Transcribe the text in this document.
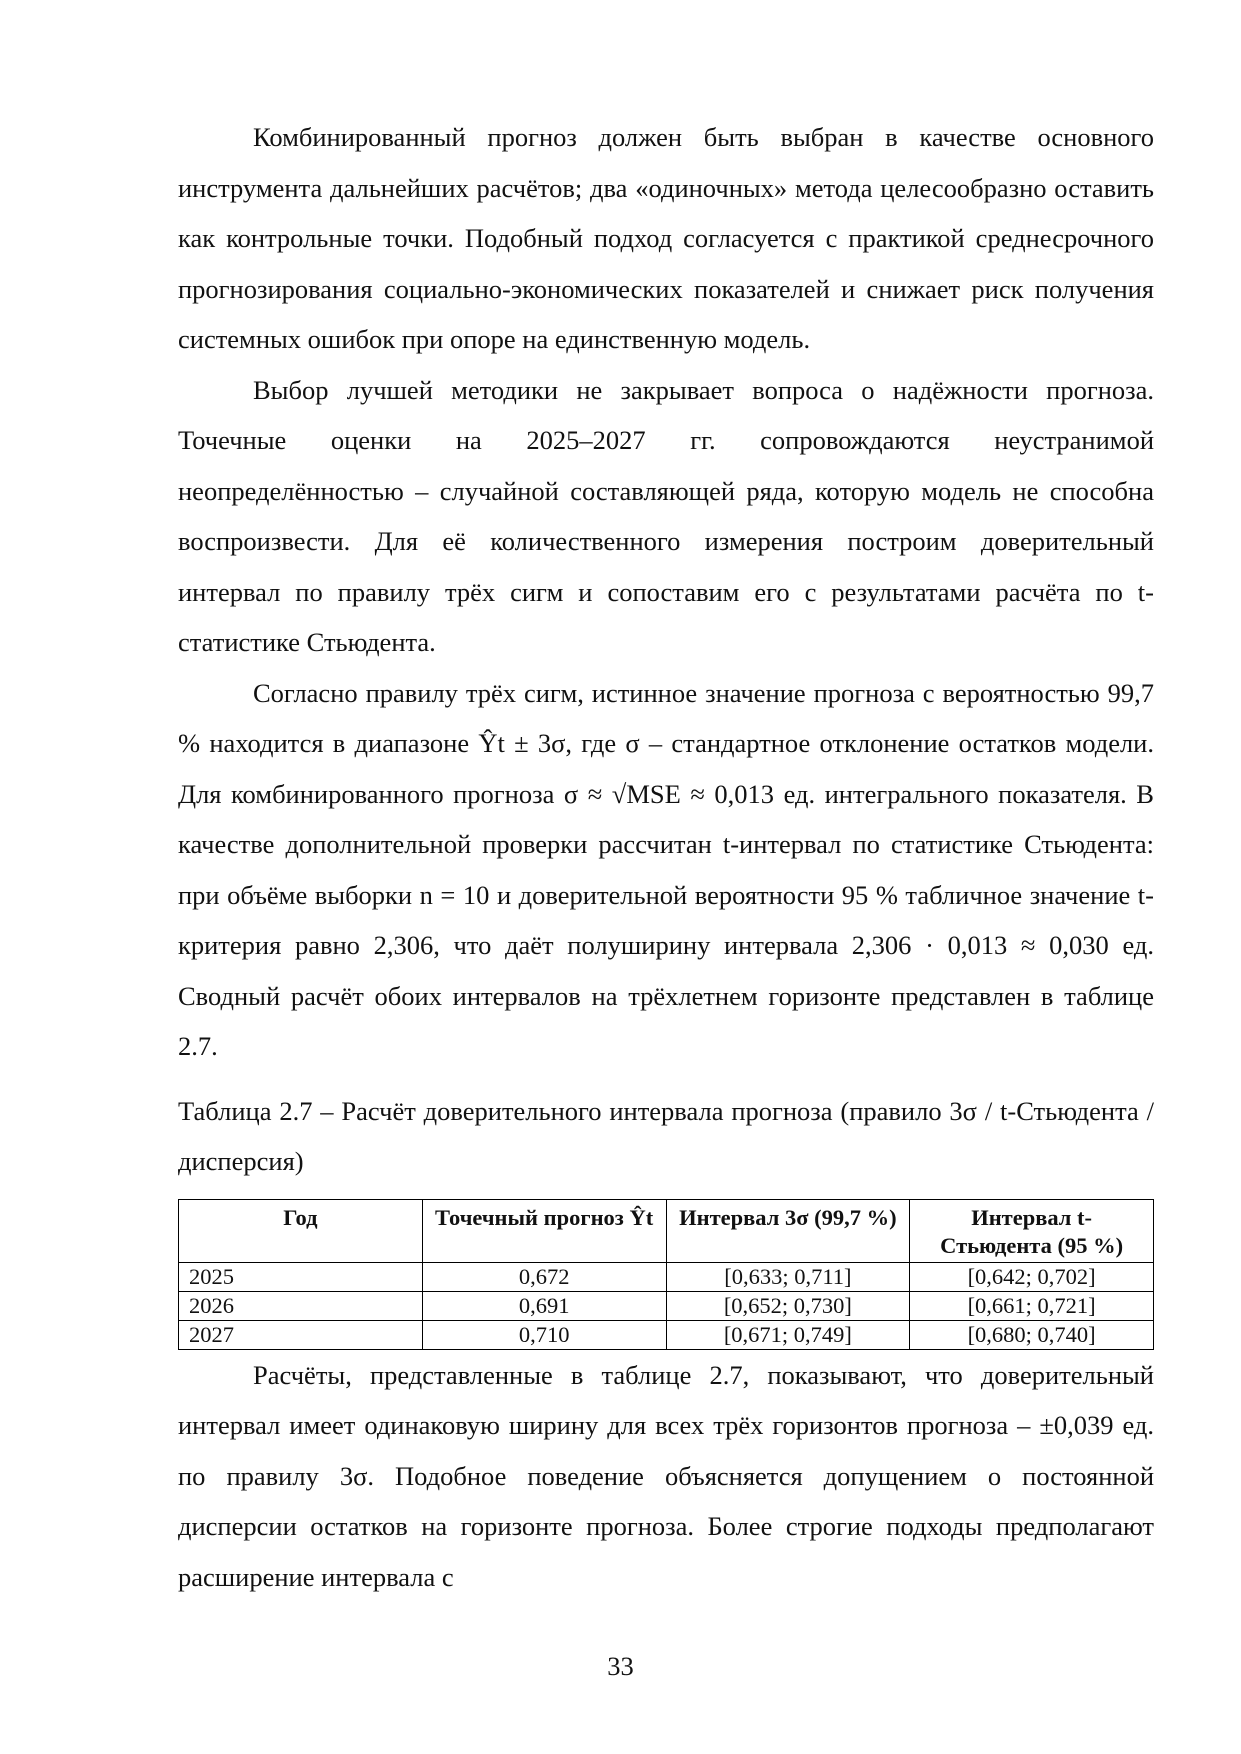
Комбинированный прогноз должен быть выбран в качестве основного инструмента дальнейших расчётов; два «одиночных» метода целесообразно оставить как контрольные точки. Подобный подход согласуется с практикой среднесрочного прогнозирования социально-экономических показателей и снижает риск получения системных ошибок при опоре на единственную модель.

Выбор лучшей методики не закрывает вопроса о надёжности прогноза. Точечные оценки на 2025–2027 гг. сопровождаются неустранимой неопределённостью – случайной составляющей ряда, которую модель не способна воспроизвести. Для её количественного измерения построим доверительный интервал по правилу трёх сигм и сопоставим его с результатами расчёта по t-статистике Стьюдента.

Согласно правилу трёх сигм, истинное значение прогноза с вероятностью 99,7 % находится в диапазоне Ŷt ± 3σ, где σ – стандартное отклонение остатков модели. Для комбинированного прогноза σ ≈ √MSE ≈ 0,013 ед. интегрального показателя. В качестве дополнительной проверки рассчитан t-интервал по статистике Стьюдента: при объёме выборки n = 10 и доверительной вероятности 95 % табличное значение t-критерия равно 2,306, что даёт полуширину интервала 2,306 · 0,013 ≈ 0,030 ед. Сводный расчёт обоих интервалов на трёхлетнем горизонте представлен в таблице 2.7.

Таблица 2.7 – Расчёт доверительного интервала прогноза (правило 3σ / t-Стьюдента / дисперсия)

Год	Точечный прогноз Ŷt	Интервал 3σ (99,7 %)	Интервал t-Стьюдента (95 %)
2025	0,672	[0,633; 0,711]	[0,642; 0,702]
2026	0,691	[0,652; 0,730]	[0,661; 0,721]
2027	0,710	[0,671; 0,749]	[0,680; 0,740]

Расчёты, представленные в таблице 2.7, показывают, что доверительный интервал имеет одинаковую ширину для всех трёх горизонтов прогноза – ±0,039 ед. по правилу 3σ. Подобное поведение объясняется допущением о постоянной дисперсии остатков на горизонте прогноза. Более строгие подходы предполагают расширение интервала с

33
